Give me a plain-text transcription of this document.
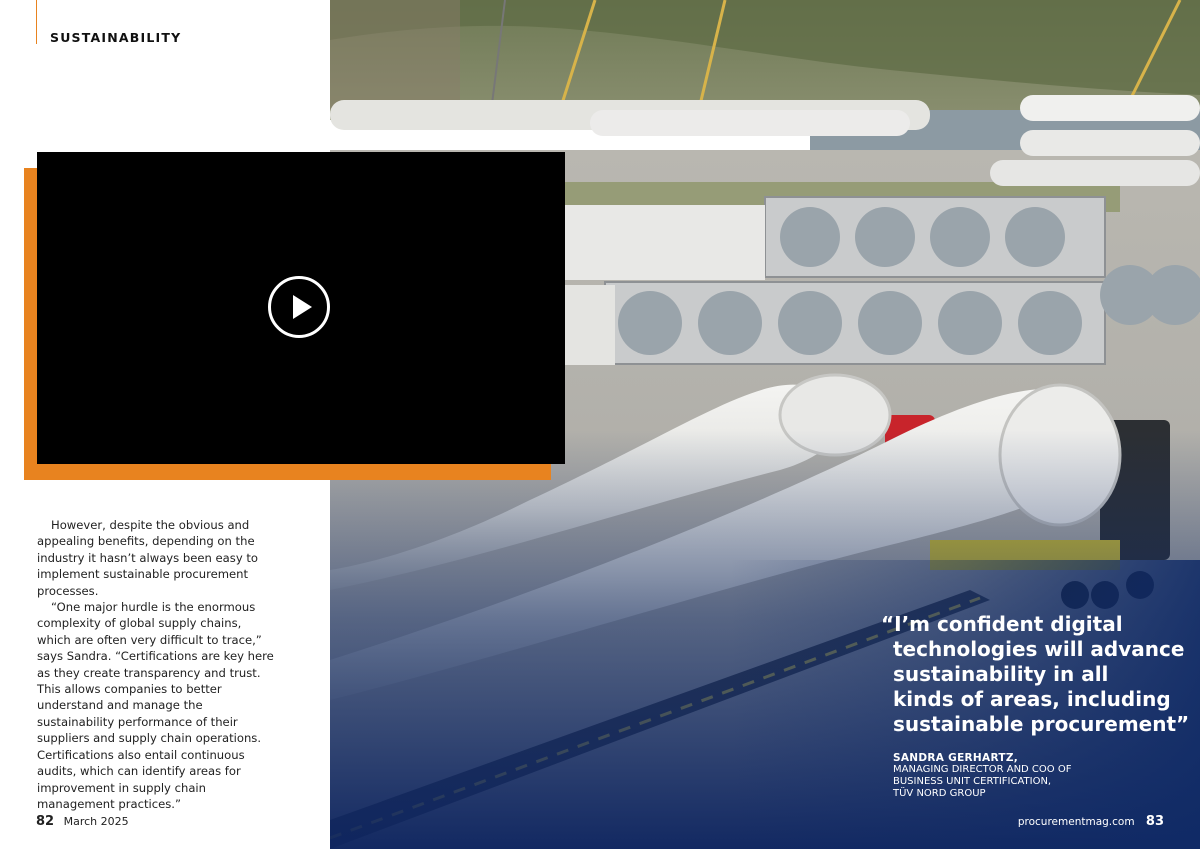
SUSTAINABILITY

However, despite the obvious and appealing benefits, depending on the industry it hasn’t always been easy to implement sustainable procurement processes.

“One major hurdle is the enormous complexity of global supply chains, which are often very difficult to trace,” says Sandra. “Certifications are key here as they create transparency and trust. This allows companies to better understand and manage the sustainability performance of their suppliers and supply chain operations. Certifications also entail continuous audits, which can identify areas for improvement in supply chain management practices.”

82 March 2025
“I’m confident digital
technologies will advance
sustainability in all
kinds of areas, including
sustainable procurement”
SANDRA GERHARTZ,
MANAGING DIRECTOR AND COO OF
BUSINESS UNIT CERTIFICATION,
TÜV NORD GROUP
procurementmag.com 83
